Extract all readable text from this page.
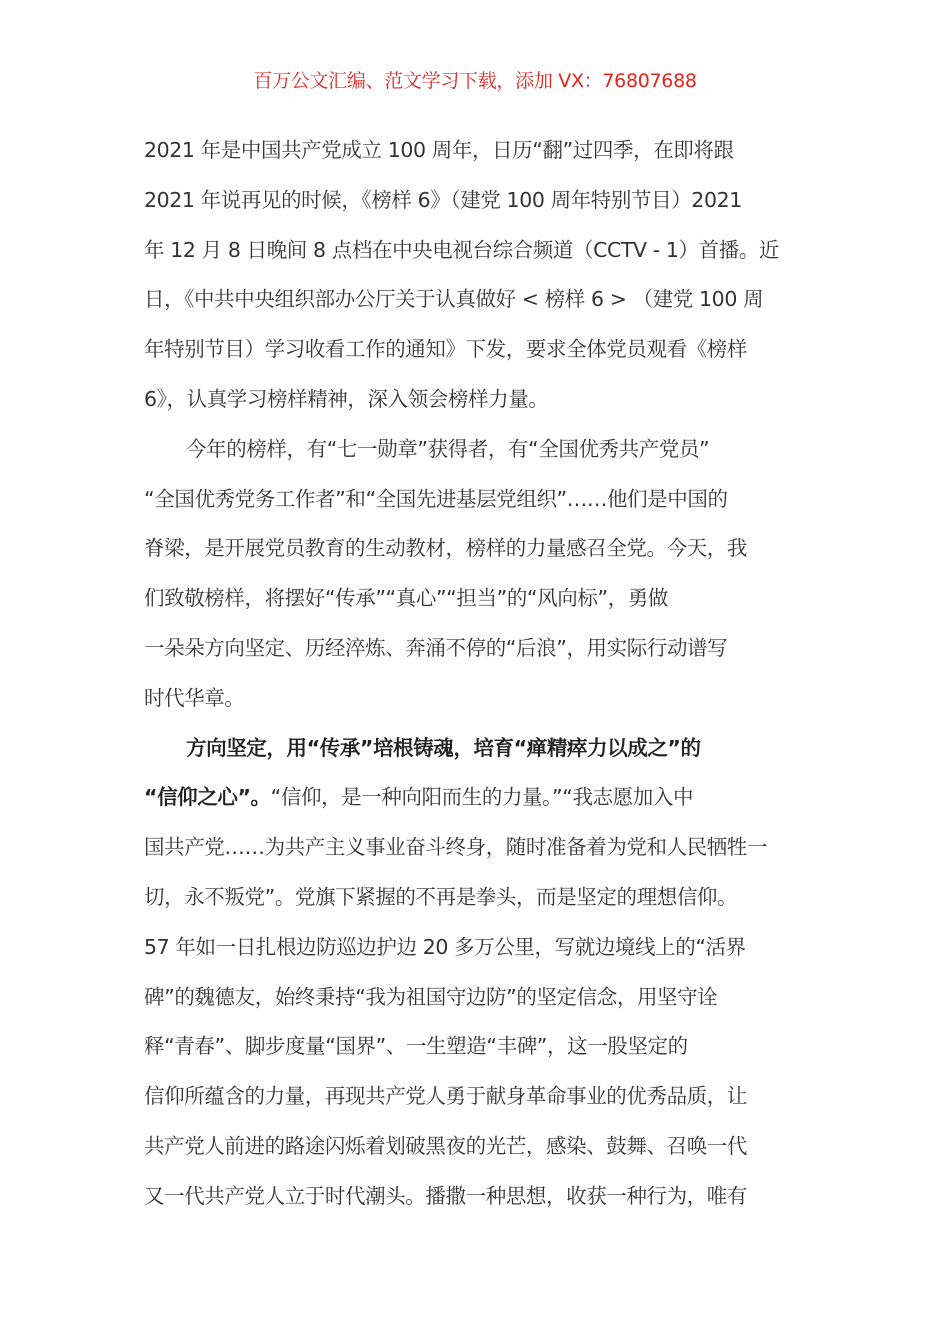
百万公文汇编、范文学习下载，添加 VX：76807688
2021 年是中国共产党成立 100 周年，日历“翻”过四季，在即将跟
2021 年说再见的时候，《榜样 6》（建党 100 周年特别节目）2021
年 12 月 8 日晚间 8 点档在中央电视台综合频道（CCTV - 1）首播。近
日，《中共中央组织部办公厅关于认真做好 < 榜样 6 > （建党 100 周
年特别节目）学习收看工作的通知》下发，要求全体党员观看《榜样
6》，认真学习榜样精神，深入领会榜样力量。
今年的榜样，有“七一勋章”获得者，有“全国优秀共产党员”
“全国优秀党务工作者”和“全国先进基层党组织”……他们是中国的
脊梁，是开展党员教育的生动教材，榜样的力量感召全党。今天，我
们致敬榜样，将摆好“传承”“真心”“担当”的“风向标”，勇做
一朵朵方向坚定、历经淬炼、奔涌不停的“后浪”，用实际行动谱写
时代华章。
方向坚定，用“传承”培根铸魂，培育“瘅精瘁力以成之”的
“信仰之心”。“信仰，是一种向阳而生的力量。”“我志愿加入中
国共产党……为共产主义事业奋斗终身，随时准备着为党和人民牺牲一
切，永不叛党”。党旗下紧握的不再是拳头，而是坚定的理想信仰。
57 年如一日扎根边防巡边护边 20 多万公里，写就边境线上的“活界
碑”的魏德友，始终秉持“我为祖国守边防”的坚定信念，用坚守诠
释“青春”、脚步度量“国界”、一生塑造“丰碑”，这一股坚定的
信仰所蕴含的力量，再现共产党人勇于献身革命事业的优秀品质，让
共产党人前进的路途闪烁着划破黑夜的光芒，感染、鼓舞、召唤一代
又一代共产党人立于时代潮头。播撒一种思想，收获一种行为，唯有
